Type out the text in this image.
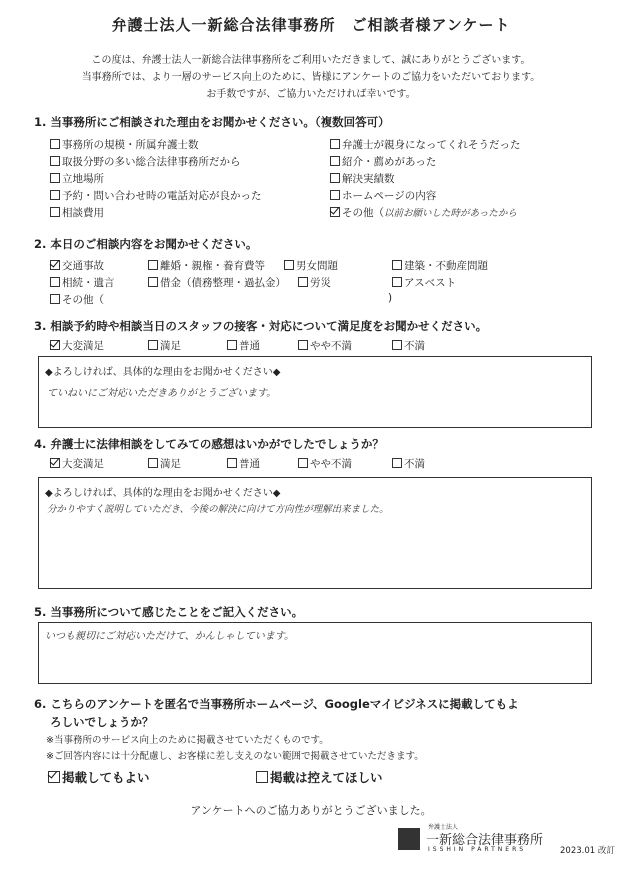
弁護士法人一新総合法律事務所　ご相談者様アンケート
この度は、弁護士法人一新総合法律事務所をご利用いただきまして、誠にありがとうございます。
当事務所では、より一層のサービス向上のために、皆様にアンケートのご協力をいただいております。
お手数ですが、ご協力いただければ幸いです。
1. 当事務所にご相談された理由をお聞かせください。（複数回答可）
事務所の規模・所属弁護士数
取扱分野の多い総合法律事務所だから
立地場所
予約・問い合わせ時の電話対応が良かった
相談費用
弁護士が親身になってくれそうだった
紹介・薦めがあった
解決実績数
ホームページの内容
その他（以前お願いした時があったから
2. 本日のご相談内容をお聞かせください。
交通事故	離婚・親権・養育費等	男女問題	建築・不動産問題
相続・遺言	借金（債務整理・過払金）	労災	アスベスト
その他（	)
3. 相談予約時や相談当日のスタッフの接客・対応について満足度をお聞かせください。
大変満足	満足	普通	やや不満	不満
◆よろしければ、具体的な理由をお聞かせください◆
ていねいにご対応いただきありがとうございます。
4. 弁護士に法律相談をしてみての感想はいかがでしたでしょうか？
大変満足	満足	普通	やや不満	不満
◆よろしければ、具体的な理由をお聞かせください◆
分かりやすく説明していただき、今後の解決に向けて方向性が理解出来ました。
5. 当事務所について感じたことをご記入ください。
いつも親切にご対応いただけて、かんしゃしています。
6. こちらのアンケートを匿名で当事務所ホームページ、Googleマイビジネスに掲載してもよ
ろしいでしょうか？
※当事務所のサービス向上のために掲載させていただくものです。
※ご回答内容には十分配慮し、お客様に差し支えのない範囲で掲載させていただきます。
掲載してもよい	掲載は控えてほしい
アンケートへのご協力ありがとうございました。
弁護士法人
一新総合法律事務所
ISSHIN PARTNERS	2023.01 改訂
